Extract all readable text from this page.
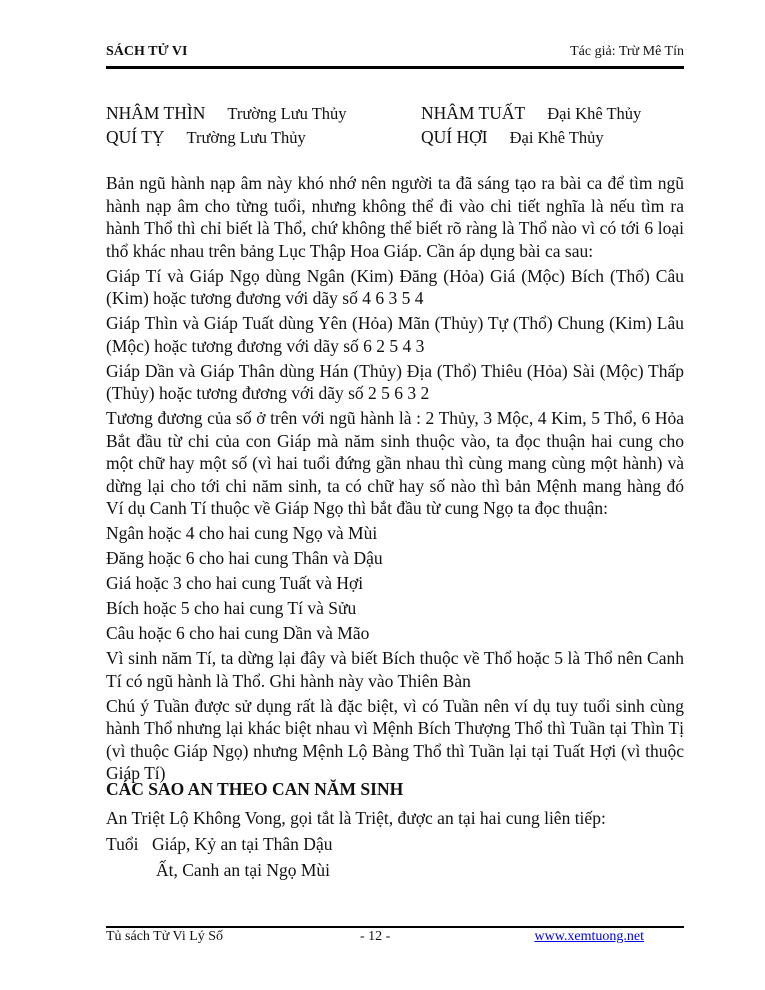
SÁCH TỬ VI	Tác giả: Trừ Mê Tín
NHÂM THÌN Trường Lưu Thủy	NHÂM TUẤT Đại Khê Thủy
QUÍ TỴ Trường Lưu Thủy	QUÍ HỢI Đại Khê Thủy

Bản ngũ hành nạp âm này khó nhớ nên người ta đã sáng tạo ra bài ca để tìm ngũ hành nạp âm cho từng tuổi, nhưng không thể đi vào chi tiết nghĩa là nếu tìm ra hành Thổ thì chỉ biết là Thổ, chứ không thể biết rõ ràng là Thổ nào vì có tới 6 loại thổ khác nhau trên bảng Lục Thập Hoa Giáp. Cần áp dụng bài ca sau:

Giáp Tí và Giáp Ngọ dùng Ngân (Kim) Đăng (Hỏa) Giá (Mộc) Bích (Thổ) Câu (Kim) hoặc tương đương với dãy số 4 6 3 5 4

Giáp Thìn và Giáp Tuất dùng Yên (Hỏa) Mãn (Thủy) Tự (Thổ) Chung (Kim) Lâu (Mộc) hoặc tương đương với dãy số 6 2 5 4 3

Giáp Dần và Giáp Thân dùng Hán (Thủy) Địa (Thổ) Thiêu (Hỏa) Sài (Mộc) Thấp (Thủy) hoặc tương đương với dãy số 2 5 6 3 2

Tương đương của số ở trên với ngũ hành là : 2 Thủy, 3 Mộc, 4 Kim, 5 Thổ, 6 Hỏa Bắt đầu từ chi của con Giáp mà năm sinh thuộc vào, ta đọc thuận hai cung cho một chữ hay một số (vì hai tuổi đứng gần nhau thì cùng mang cùng một hành) và dừng lại cho tới chi năm sinh, ta có chữ hay số nào thì bản Mệnh mang hàng đó Ví dụ Canh Tí thuộc về Giáp Ngọ thì bắt đầu từ cung Ngọ ta đọc thuận:

Ngân hoặc 4 cho hai cung Ngọ và Mùi

Đăng hoặc 6 cho hai cung Thân và Dậu

Giá hoặc 3 cho hai cung Tuất và Hợi

Bích hoặc 5 cho hai cung Tí và Sửu

Câu hoặc 6 cho hai cung Dần và Mão

Vì sinh năm Tí, ta dừng lại đây và biết Bích thuộc về Thổ hoặc 5 là Thổ nên Canh Tí có ngũ hành là Thổ. Ghi hành này vào Thiên Bàn

Chú ý Tuần được sử dụng rất là đặc biệt, vì có Tuần nên ví dụ tuy tuổi sinh cùng hành Thổ nhưng lại khác biệt nhau vì Mệnh Bích Thượng Thổ thì Tuần tại Thìn Tị (vì thuộc Giáp Ngọ) nhưng Mệnh Lộ Bàng Thổ thì Tuần lại tại Tuất Hợi (vì thuộc Giáp Tí)

CÁC SAO AN THEO CAN NĂM SINH

An Triệt Lộ Không Vong, gọi tắt là Triệt, được an tại hai cung liên tiếp:

Tuổi Giáp, Kỷ an tại Thân Dậu

Ất, Canh an tại Ngọ Mùi

Tủ sách Tử Vi Lý Số	- 12 -	www.xemtuong.net
